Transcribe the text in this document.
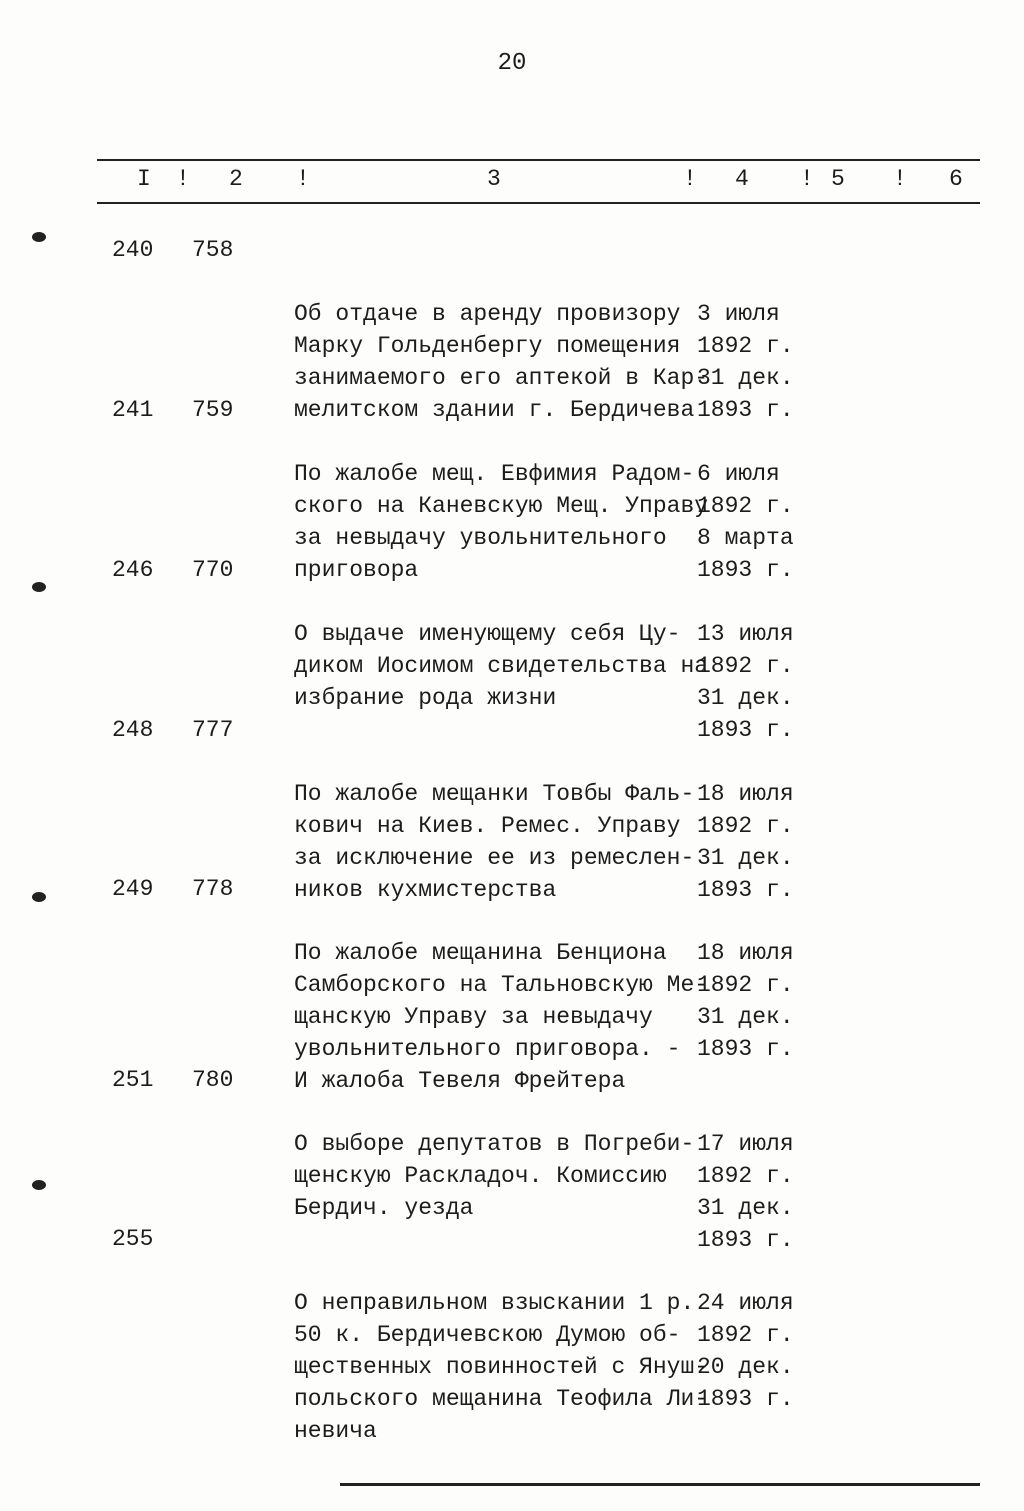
20
I ! 2 !	3	! 4 ! 5 ! 6
240 758

Об отдаче в аренду провизору
Марку Гольденбергу помещения
занимаемого его аптекой в Кар-
мелитском здании г. Бердичева

3 июля
1892 г.
31 дек.
1893 г.

241 759

По жалобе мещ. Евфимия Радом-
ского на Каневскую Мещ. Управу
за невыдачу увольнительного
приговора

6 июля
1892 г.
8 марта
1893 г.

246 770

О выдаче именующему себя Цу-
диком Иосимом свидетельства на
избрание рода жизни

13 июля
1892 г.
31 дек.
1893 г.

248 777

По жалобе мещанки Товбы Фаль-
кович на Киев. Ремес. Управу
за исключение ее из ремеслен-
ников кухмистерства

18 июля
1892 г.
31 дек.
1893 г.

249 778

По жалобе мещанина Бенциона
Самборского на Тальновскую Ме-
щанскую Управу за невыдачу
увольнительного приговора. -
И жалоба Тевеля Фрейтера

18 июля
1892 г.
31 дек.
1893 г.

251 780

О выборе депутатов в Погреби-
щенскую Раскладоч. Комиссию
Бердич. уезда

17 июля
1892 г.
31 дек.
1893 г.

255

О неправильном взыскании 1 р.
50 к. Бердичевскою Думою об-
щественных повинностей с Януш-
польского мещанина Теофила Ли-
невича

24 июля
1892 г.
20 дек.
1893 г.
